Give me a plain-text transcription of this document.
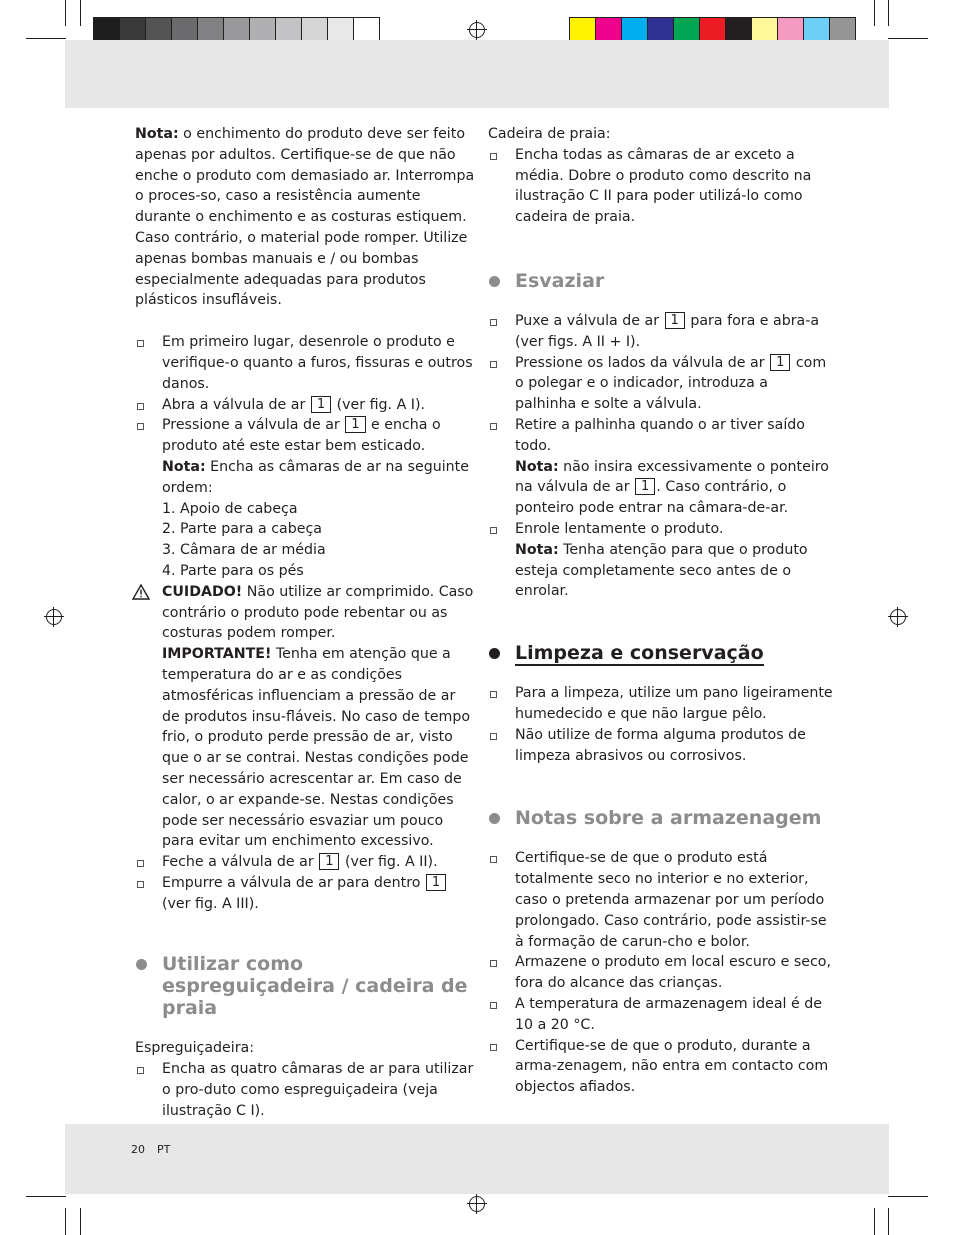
20 PT

Nota: o enchimento do produto deve ser feito apenas por adultos. Certifique-se de que não enche o produto com demasiado ar. Interrompa o proces-so, caso a resistência aumente durante o enchimento e as costuras estiquem. Caso contrário, o material pode romper. Utilize apenas bombas manuais e / ou bombas especialmente adequadas para produtos plásticos insufláveis.

Em primeiro lugar, desenrole o produto e verifique-o quanto a furos, fissuras e outros danos.
Abra a válvula de ar 1 (ver fig. A I).
Pressione a válvula de ar 1 e encha o produto até este estar bem esticado.
Nota: Encha as câmaras de ar na seguinte ordem:
1. Apoio de cabeça
2. Parte para a cabeça
3. Câmara de ar média
4. Parte para os pés
CUIDADO! Não utilize ar comprimido. Caso contrário o produto pode rebentar ou as costuras podem romper.
IMPORTANTE! Tenha em atenção que a temperatura do ar e as condições atmosféricas influenciam a pressão de ar de produtos insu-fláveis. No caso de tempo frio, o produto perde pressão de ar, visto que o ar se contrai. Nestas condições pode ser necessário acrescentar ar. Em caso de calor, o ar expande-se. Nestas condições pode ser necessário esvaziar um pouco para evitar um enchimento excessivo.
Feche a válvula de ar 1 (ver fig. A II).
Empurre a válvula de ar para dentro 1 (ver fig. A III).
Utilizar como espreguiçadeira / cadeira de praia

Espreguiçadeira:

Encha as quatro câmaras de ar para utilizar o pro-duto como espreguiçadeira (veja ilustração C I).

Cadeira de praia:

Encha todas as câmaras de ar exceto a média. Dobre o produto como descrito na ilustração C II para poder utilizá-lo como cadeira de praia.
Esvaziar
Puxe a válvula de ar 1 para fora e abra-a (ver figs. A II + I).
Pressione os lados da válvula de ar 1 com o polegar e o indicador, introduza a palhinha e solte a válvula.
Retire a palhinha quando o ar tiver saído todo.
Nota: não insira excessivamente o ponteiro na válvula de ar 1 . Caso contrário, o ponteiro pode entrar na câmara-de-ar.
Enrole lentamente o produto.
Nota: Tenha atenção para que o produto esteja completamente seco antes de o enrolar.
Limpeza e conservação
Para a limpeza, utilize um pano ligeiramente humedecido e que não largue pêlo.
Não utilize de forma alguma produtos de limpeza abrasivos ou corrosivos.
Notas sobre a armazenagem
Certifique-se de que o produto está totalmente seco no interior e no exterior, caso o pretenda armazenar por um período prolongado. Caso contrário, pode assistir-se à formação de carun-cho e bolor.
Armazene o produto em local escuro e seco, fora do alcance das crianças.
A temperatura de armazenagem ideal é de 10 a 20 °C.
Certifique-se de que o produto, durante a arma-zenagem, não entra em contacto com objectos afiados.
